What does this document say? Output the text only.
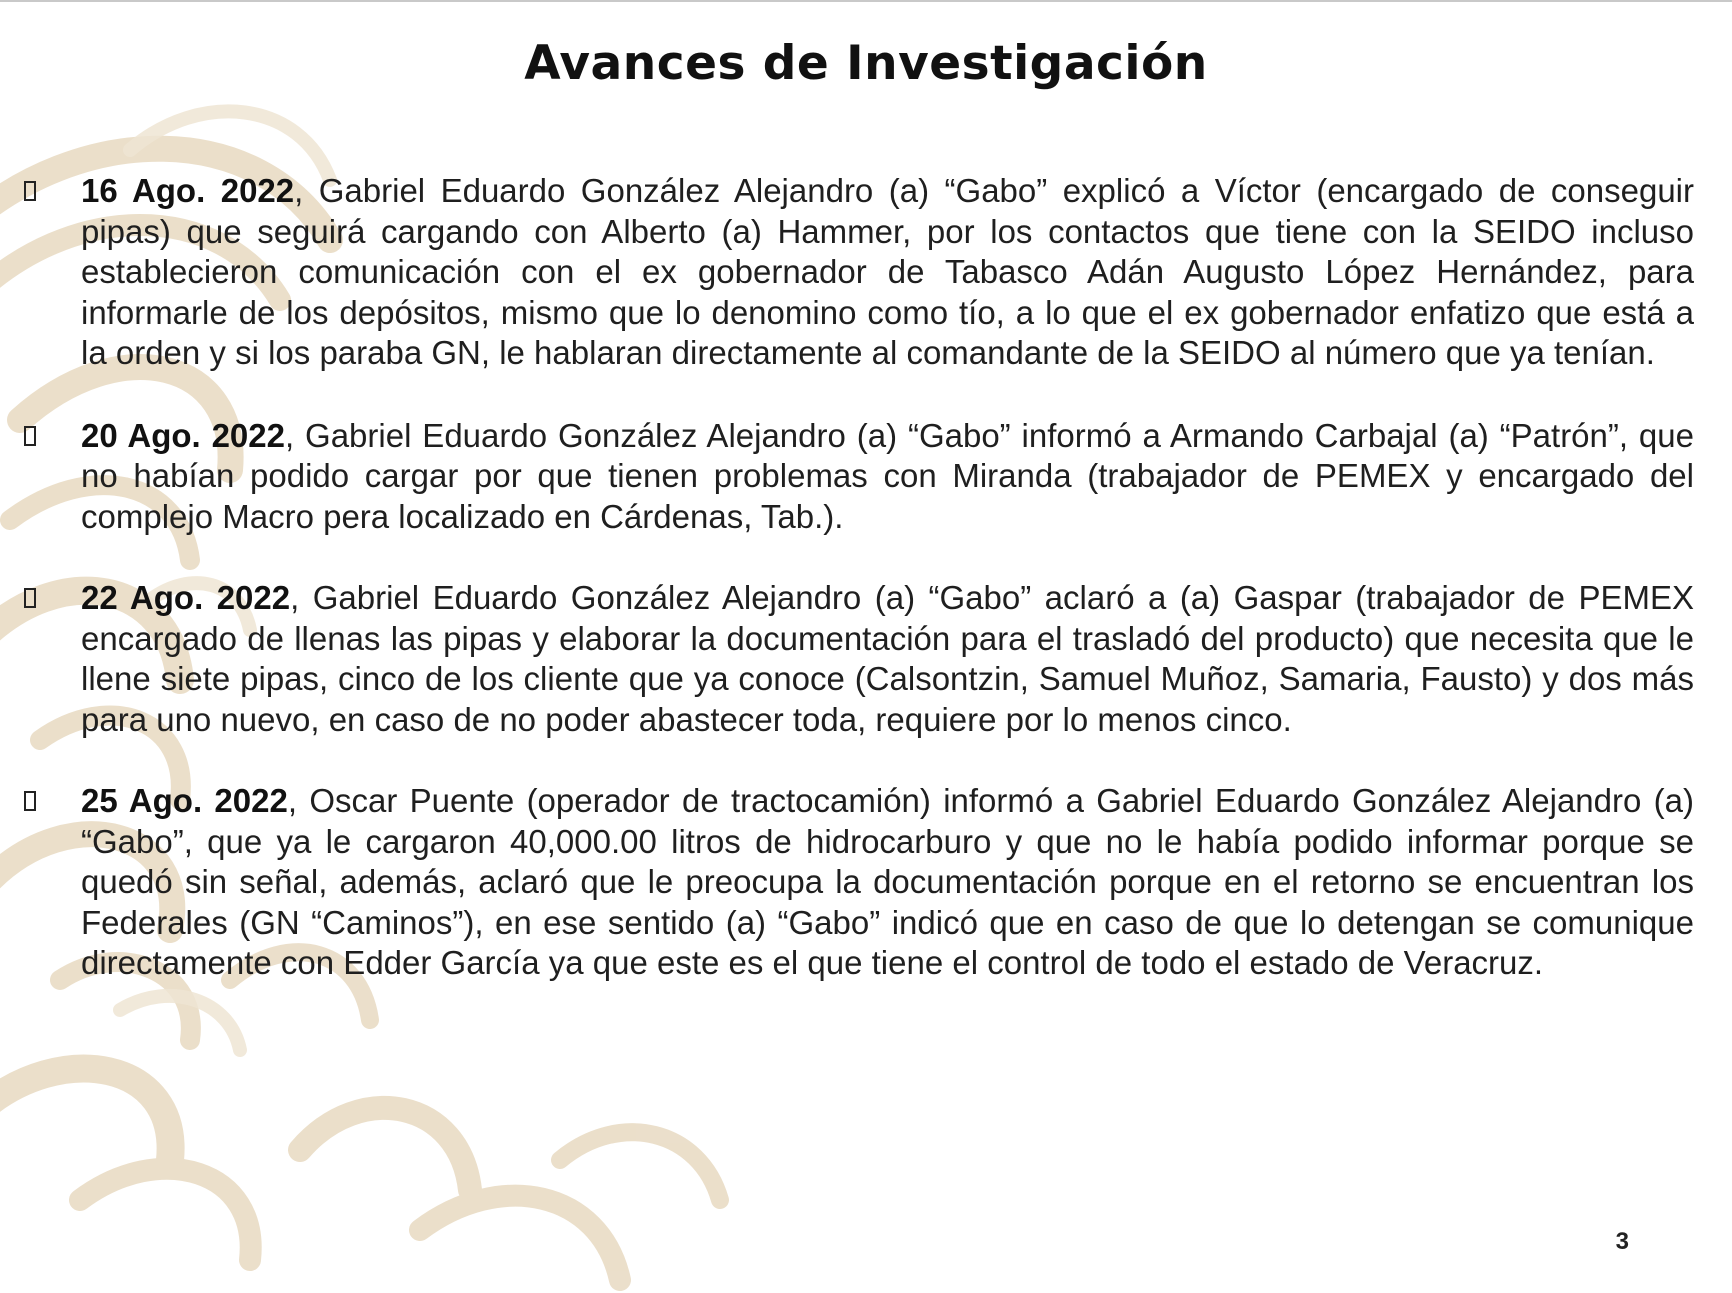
Avances de Investigación

16 Ago. 2022, Gabriel Eduardo González Alejandro (a) “Gabo” explicó a Víctor (encargado de conseguir pipas) que seguirá cargando con Alberto (a) Hammer, por los contactos que tiene con la SEIDO incluso establecieron comunicación con el ex gobernador de Tabasco Adán Augusto López Hernández, para informarle de los depósitos, mismo que lo denomino como tío, a lo que el ex gobernador enfatizo que está a la orden y si los paraba GN, le hablaran directamente al comandante de la SEIDO al número que ya tenían.

20 Ago. 2022, Gabriel Eduardo González Alejandro (a) “Gabo” informó a Armando Carbajal (a) “Patrón”, que no habían podido cargar por que tienen problemas con Miranda (trabajador de PEMEX y encargado del complejo Macro pera localizado en Cárdenas, Tab.).

22 Ago. 2022, Gabriel Eduardo González Alejandro (a) “Gabo” aclaró a (a) Gaspar (trabajador de PEMEX encargado de llenas las pipas y elaborar la documentación para el trasladó del producto) que necesita que le llene siete pipas, cinco de los cliente que ya conoce (Calsontzin, Samuel Muñoz, Samaria, Fausto) y dos más para uno nuevo, en caso de no poder abastecer toda, requiere por lo menos cinco.

25 Ago. 2022, Oscar Puente (operador de tractocamión) informó a Gabriel Eduardo González Alejandro (a) “Gabo”, que ya le cargaron 40,000.00 litros de hidrocarburo y que no le había podido informar porque se quedó sin señal, además, aclaró que le preocupa la documentación porque en el retorno se encuentran los Federales (GN “Caminos”), en ese sentido (a) “Gabo” indicó que en caso de que lo detengan se comunique directamente con Edder García ya que este es el que tiene el control de todo el estado de Veracruz.

3
